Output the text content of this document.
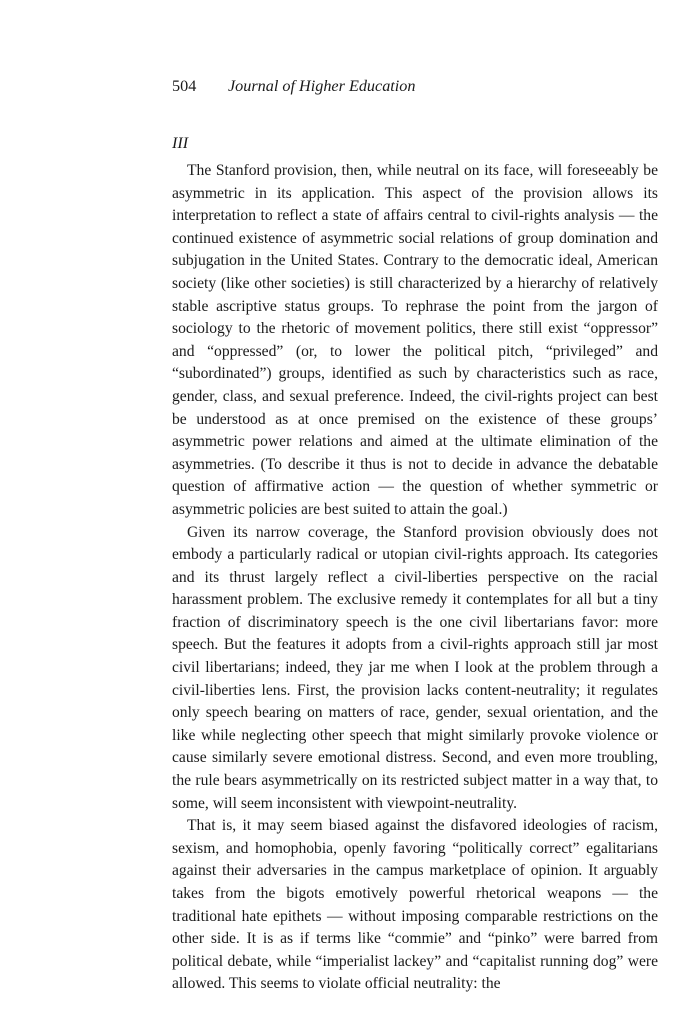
504 Journal of Higher Education
III

The Stanford provision, then, while neutral on its face, will foreseeably be asymmetric in its application. This aspect of the provision allows its interpretation to reflect a state of affairs central to civil-rights analysis — the continued existence of asymmetric social relations of group domination and subjugation in the United States. Contrary to the democratic ideal, American society (like other societies) is still characterized by a hierarchy of relatively stable ascriptive status groups. To rephrase the point from the jargon of sociology to the rhetoric of movement politics, there still exist “oppressor” and “oppressed” (or, to lower the political pitch, “privileged” and “subordinated”) groups, identified as such by characteristics such as race, gender, class, and sexual preference. Indeed, the civil-rights project can best be understood as at once premised on the existence of these groups’ asymmetric power relations and aimed at the ultimate elimination of the asymmetries. (To describe it thus is not to decide in advance the debatable question of affirmative action — the question of whether symmetric or asymmetric policies are best suited to attain the goal.)

Given its narrow coverage, the Stanford provision obviously does not embody a particularly radical or utopian civil-rights approach. Its categories and its thrust largely reflect a civil-liberties perspective on the racial harassment problem. The exclusive remedy it contemplates for all but a tiny fraction of discriminatory speech is the one civil libertarians favor: more speech. But the features it adopts from a civil-rights approach still jar most civil libertarians; indeed, they jar me when I look at the problem through a civil-liberties lens. First, the provision lacks content-neutrality; it regulates only speech bearing on matters of race, gender, sexual orientation, and the like while neglecting other speech that might similarly provoke violence or cause similarly severe emotional distress. Second, and even more troubling, the rule bears asymmetrically on its restricted subject matter in a way that, to some, will seem inconsistent with viewpoint-neutrality.

That is, it may seem biased against the disfavored ideologies of racism, sexism, and homophobia, openly favoring “politically correct” egalitarians against their adversaries in the campus marketplace of opinion. It arguably takes from the bigots emotively powerful rhetorical weapons — the traditional hate epithets — without imposing comparable restrictions on the other side. It is as if terms like “commie” and “pinko” were barred from political debate, while “imperialist lackey” and “capitalist running dog” were allowed. This seems to violate official neutrality: the
